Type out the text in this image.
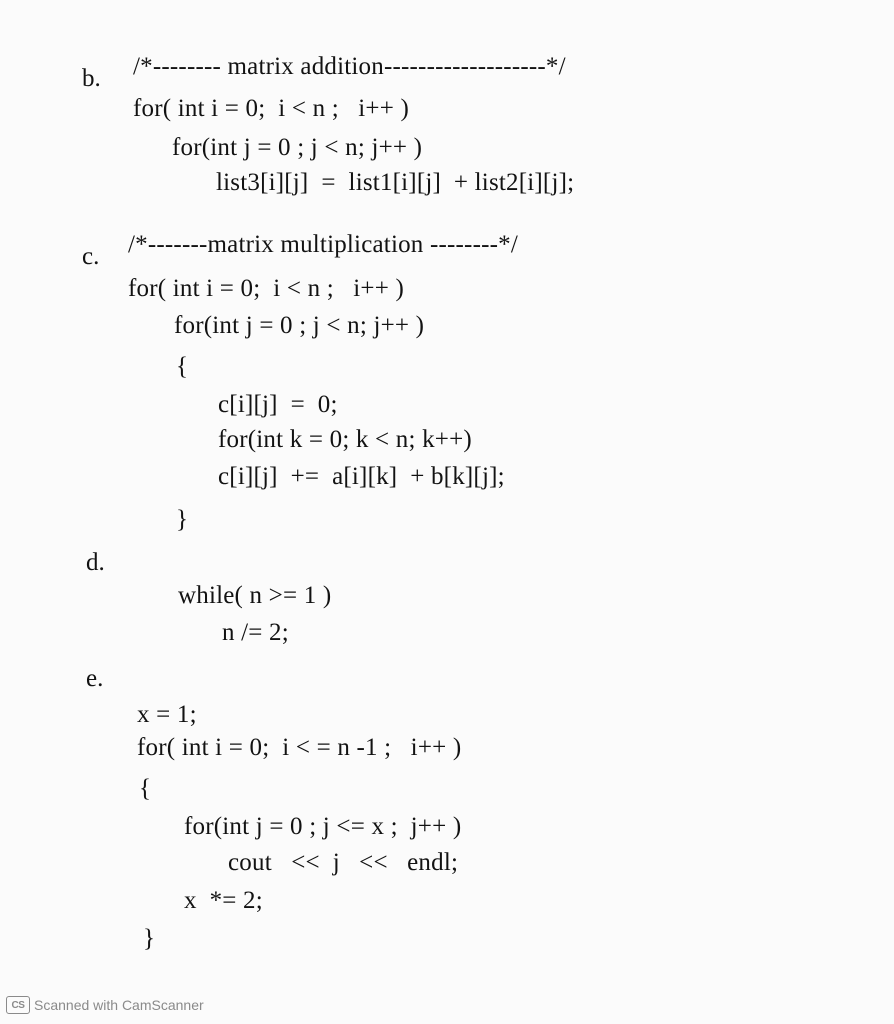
b. /*-------- matrix addition-------------------*/
for( int i = 0;  i < n ;   i++ )
for(int j = 0 ; j < n; j++ )
list3[i][j]  =  list1[i][j]  + list2[i][j];
c. /*-------matrix multiplication --------*/
for( int i = 0;  i < n ;   i++ )
for(int j = 0 ; j < n; j++ )
{
c[i][j]  =  0;
for(int k = 0; k < n; k++)
c[i][j]  +=  a[i][k]  + b[k][j];
}
d.
while( n >= 1 )
n /= 2;
e.
x = 1;
for( int i = 0;  i < = n -1 ;   i++ )
{
for(int j = 0 ; j <= x ;  j++ )
cout   <<  j   <<   endl;
x  *= 2;
}
CS Scanned with CamScanner
